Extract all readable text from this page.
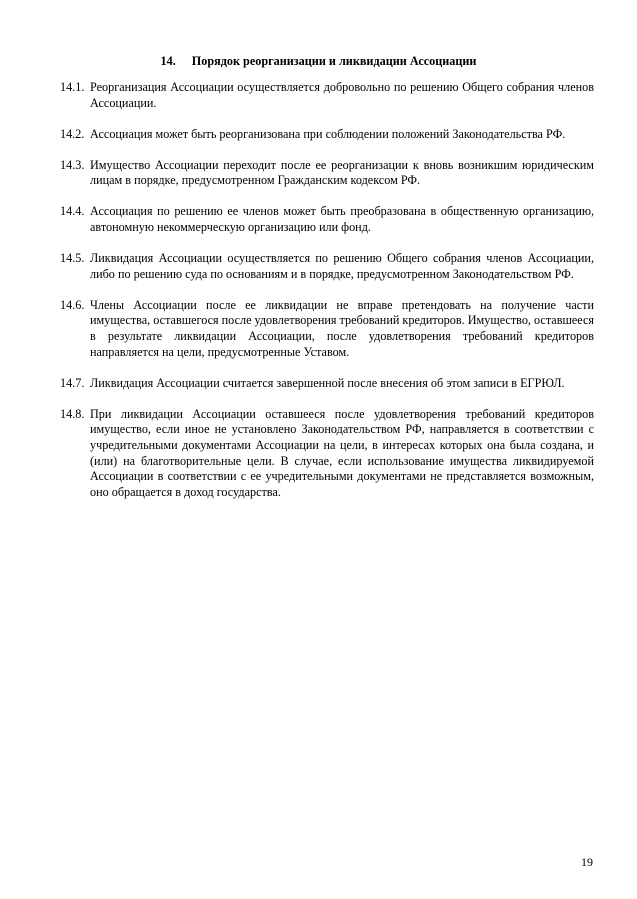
14. Порядок реорганизации и ликвидации Ассоциации
14.1. Реорганизация Ассоциации осуществляется добровольно по решению Общего собрания членов Ассоциации.
14.2. Ассоциация может быть реорганизована при соблюдении положений Законодательства РФ.
14.3. Имущество Ассоциации переходит после ее реорганизации к вновь возникшим юридическим лицам в порядке, предусмотренном Гражданским кодексом РФ.
14.4. Ассоциация по решению ее членов может быть преобразована в общественную организацию, автономную некоммерческую организацию или фонд.
14.5. Ликвидация Ассоциации осуществляется по решению Общего собрания членов Ассоциации, либо по решению суда по основаниям и в порядке, предусмотренном Законодательством РФ.
14.6. Члены Ассоциации после ее ликвидации не вправе претендовать на получение части имущества, оставшегося после удовлетворения требований кредиторов. Имущество, оставшееся в результате ликвидации Ассоциации, после удовлетворения требований кредиторов направляется на цели, предусмотренные Уставом.
14.7. Ликвидация Ассоциации считается завершенной после внесения об этом записи в ЕГРЮЛ.
14.8. При ликвидации Ассоциации оставшееся после удовлетворения требований кредиторов имущество, если иное не установлено Законодательством РФ, направляется в соответствии с учредительными документами Ассоциации на цели, в интересах которых она была создана, и (или) на благотворительные цели. В случае, если использование имущества ликвидируемой Ассоциации в соответствии с ее учредительными документами не представляется возможным, оно обращается в доход государства.
19
